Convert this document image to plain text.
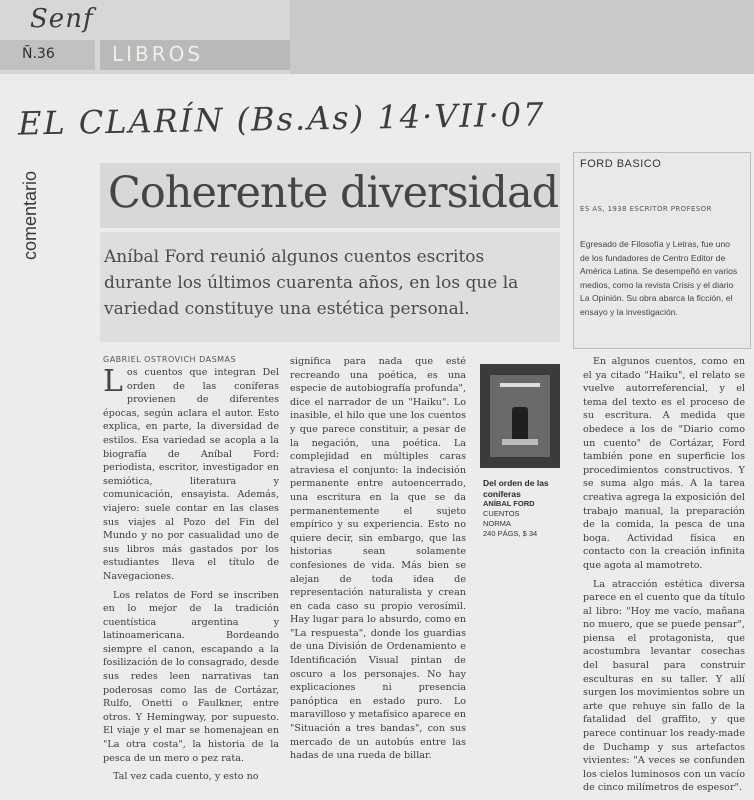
Senf
Ñ.36	LIBROS
EL CLARÍN (Bs.As) 14·VII·07
comentario Coherente diversidad
Aníbal Ford reunió algunos cuentos escritos durante los últimos cuarenta años, en los que la variedad constituye una estética personal.
GABRIEL OSTROVICH DASMAS

Los cuentos que integran Del orden de las coníferas provienen de diferentes épocas, según aclara el autor. Esto explica, en parte, la diversidad de estilos. Esa variedad se acopla a la biografía de Aníbal Ford: periodista, escritor, investigador en semiótica, literatura y comunicación, ensayista. Además, viajero: suele contar en las clases sus viajes al Pozo del Fin del Mundo y no por casualidad uno de sus libros más gastados por los estudiantes lleva el título de Navegaciones.

Los relatos de Ford se inscriben en lo mejor de la tradición cuentística argentina y latinoamericana. Bordeando siempre el canon, escapando a la fosilización de lo consagrado, desde sus redes leen narrativas tan poderosas como las de Cortázar, Rulfo, Onetti o Faulkner, entre otros. Y Hemingway, por supuesto. El viaje y el mar se homenajean en "La otra costa", la historia de la pesca de un mero o pez rata.

Tal vez cada cuento, y esto no

significa para nada que esté recreando una poética, es una especie de autobiografía profunda", dice el narrador de un "Haiku". Lo inasible, el hilo que une los cuentos y que parece constituir, a pesar de la negación, una poética. La complejidad en múltiples caras atraviesa el conjunto: la indecisión permanente entre autoencerrado, una escritura en la que se da permanentemente el sujeto empírico y su experiencia. Esto no quiere decir, sin embargo, que las historias sean solamente confesiones de vida. Más bien se alejan de toda idea de representación naturalista y crean en cada caso su propio verosímil. Hay lugar para lo absurdo, como en "La respuesta", donde los guardias de una División de Ordenamiento e Identificación Visual pintan de oscuro a los personajes. No hay explicaciones ni presencia panóptica en estado puro. Lo maravilloso y metafísico aparece en "Situación a tres bandas", con sus mercado de un autobús entre las hadas de una rueda de billar.

Del orden de las coníferas
ANÍBAL FORD
CUENTOS
NORMA
240 PÁGS, $ 34
FORD BASICO
ES AS, 1938 ESCRITOR PROFESOR
Egresado de Filosofía y Letras, fue uno de los fundadores de Centro Editor de América Latina. Se desempeñó en varios medios, como la revista Crisis y el diario La Opinión. Su obra abarca la ficción, el ensayo y la investigación.

En algunos cuentos, como en el ya citado "Haiku", el relato se vuelve autorreferencial, y el tema del texto es el proceso de su escritura. A medida que obedece a los de "Diario como un cuento" de Cortázar, Ford también pone en superficie los procedimientos constructivos. Y se suma algo más. A la tarea creativa agrega la exposición del trabajo manual, la preparación de la comida, la pesca de una boga. Actividad física en contacto con la creación infinita que agota al mamotreto.

La atracción estética diversa parece en el cuento que da título al libro: "Hoy me vacío, mañana no muero, que se puede pensar", piensa el protagonista, que acostumbra levantar cosechas del basural para construir esculturas en su taller. Y allí surgen los movimientos sobre un arte que rehuye sin fallo de la fatalidad del graffito, y que parece continuar los ready-made de Duchamp y sus artefactos vivientes: "A veces se confunden los cielos luminosos con un vacío de cinco milímetros de espesor".
